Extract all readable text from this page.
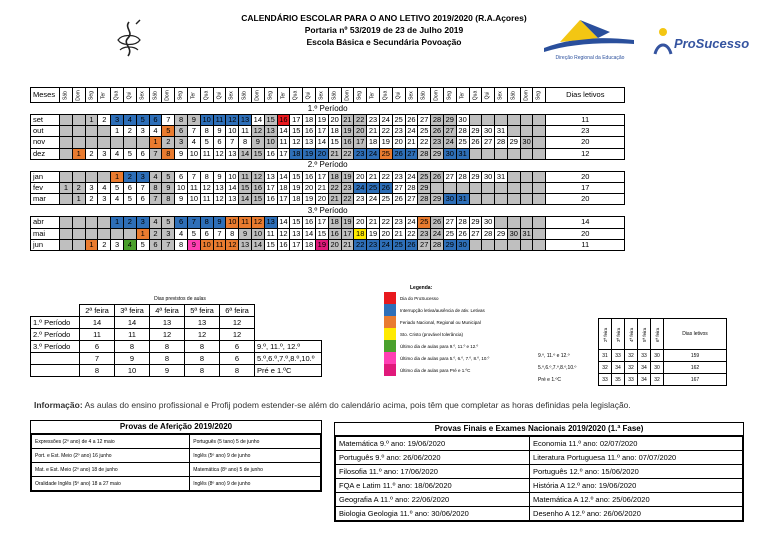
CALENDÁRIO ESCOLAR PARA O ANO LETIVO 2019/2020 (R.A.Açores)
Portaria nº 53/2019 de 23 de Julho 2019
Escola Básica e Secundária Povoação
Direção Regional da Educação
ProSucesso
Meses	Sáb	Dom	Seg	Ter	Qua	Qui	Sex	Sáb	Dom	Seg	Ter	Qua	Qui	Sex	Sáb	Dom	Seg	Ter	Qua	Qui	Sex	Sáb	Dom	Seg	Ter	Qua	Qui	Sex	Sáb	Dom	Seg	Ter	Qua	Qui	Sex	Sáb	Dom	Seg	Dias letivos
1.º Período																																							
set			1	2	3	4	5	6	7	8	9	10	11	12	13	14	15	16	17	18	19	20	21	22	23	24	25	26	27	28	29	30							11
out					1	2	3	4	5	6	7	8	9	10	11	12	13	14	15	16	17	18	19	20	21	22	23	24	25	26	27	28	29	30	31				23
nov								1	2	3	4	5	6	7	8	9	10	11	12	13	14	15	16	17	18	19	20	21	22	23	24	25	26	27	28	29	30		20
dez		1	2	3	4	5	6	7	8	9	10	11	12	13	14	15	16	17	18	19	20	21	22	23	24	25	26	27	28	29	30	31							12
2.º Período																																							
jan					1	2	3	4	5	6	7	8	9	10	11	12	13	14	15	16	17	18	19	20	21	22	23	24	25	26	27	28	29	30	31				20
fev	1	2	3	4	5	6	7	8	9	10	11	12	13	14	15	16	17	18	19	20	21	22	23	24	25	26	27	28	29										17
mar		1	2	3	4	5	6	7	8	9	10	11	12	13	14	15	16	17	18	19	20	21	22	23	24	25	26	27	28	29	30	31							20
3.º Período																																							
abr					1	2	3	4	5	6	7	8	9	10	11	12	13	14	15	16	17	18	19	20	21	22	23	24	25	26	27	28	29	30					14
mai							1	2	3	4	5	6	7	8	9	10	11	12	13	14	15	16	17	18	19	20	21	22	23	24	25	26	27	28	29	30	31		20
jun			1	2	3	4	5	6	7	8	9	10	11	12	13	14	15	16	17	18	19	20	21	22	23	24	25	26	27	28	29	30							11
Dias previstos de aulas
	2ª feira	3ª feira	4ª feira	5ª feira	6ª feira	
1.º Período	14	14	13	13	12	
2.º Período	11	11	12	12	12	
3.º Período	6	8	8	8	6	9.º, 11.º, 12.º
	7	9	8	8	6	5.º,6.º,7.º,8.º,10.º
	8	10	9	8	8	Pré e 1.ºC
Legenda:
	Dia do ProSucesso

	Interrupção letiva/ausência de ativ. Letivas

	Feriado Nacional, Regional ou Municipal

	Sto. Cristo (provável tolerância)

	Último dia de aulas para 9.º, 11.º e 12.º

	Último dia de aulas para 5.º, 6.º, 7.º, 8.º, 10.º

	Último dia de aulas para Pré e 1.ºC
	2ª feira	3ª feira	4ª feira	5ª feira	6ª feira	Dias letivos
9.º, 11.º e 12.º	31	33	32	33	30	159
5.º,6.º,7.º,8.º,10.º	32	34	32	34	30	162
Pré e 1.ºC	33	35	33	34	32	167
Informação: As aulas do ensino profissional e Profij podem estender-se além do calendário acima, pois têm que completar as horas definidas pela legislação.
Provas de Aferição 2019/2020
Expressões (2º ano) de 4 a 12 maio	Português (5 tano) 5 de junho
Port. e Est. Meio (2º ano) 16 junho	Inglês (5º ano) 9 de junho
Mat. e Est. Meio (2º ano) 18 de junho	Matemática (8º ano) 5 de junho
Oralidade Inglês (5º ano) 18 a 27 maio	Inglês (8º ano) 9 de junho
Provas Finais e Exames Nacionais 2019/2020 (1.ª Fase)
Matemática 9.º ano: 19/06/2020	Economia 11.º ano: 02/07/2020
Português 9.º ano: 26/06/2020	Literatura Portuguesa 11.º ano: 07/07/2020
Filosofia 11.º ano: 17/06/2020	Português 12.º ano: 15/06/2020
FQA e Latim 11.º ano: 18/06/2020	História A 12.º ano: 19/06/2020
Geografia A 11.º ano: 22/06/2020	Matemática A 12.º ano: 25/06/2020
Biologia Geologia 11.º ano: 30/06/2020	Desenho A 12.º ano: 26/06/2020
